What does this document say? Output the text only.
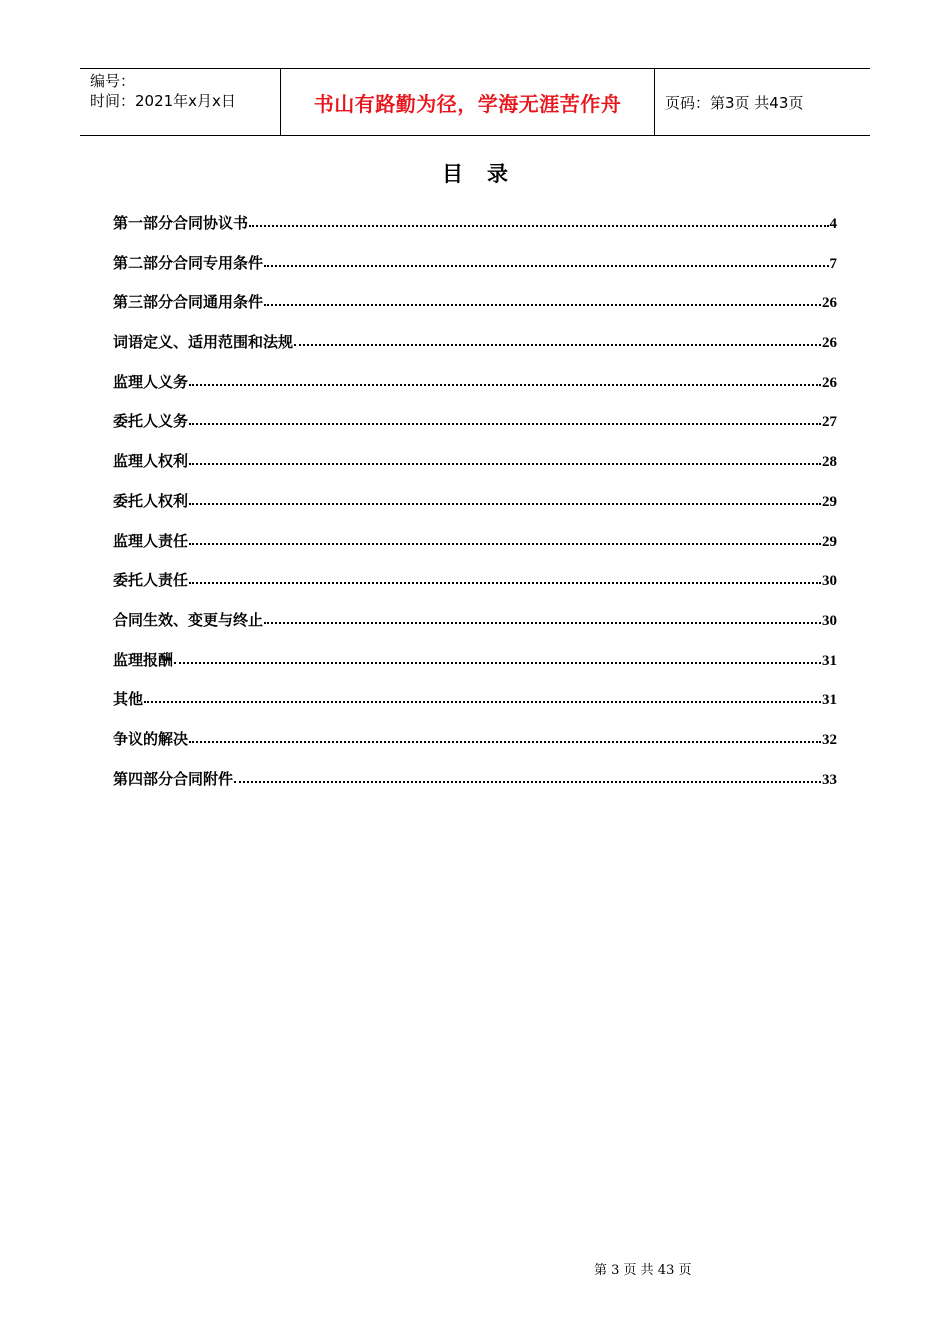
编号：
时间：2021年x月x日	书山有路勤为径，学海无涯苦作舟	页码：第3页 共43页
目录
第一部分合同协议书	4
第二部分合同专用条件	7
第三部分合同通用条件	26
词语定义、适用范围和法规	26
监理人义务	26
委托人义务	27
监理人权利	28
委托人权利	29
监理人责任	29
委托人责任	30
合同生效、变更与终止	30
监理报酬	31
其他	31
争议的解决	32
第四部分合同附件	33
第 3 页 共 43 页
